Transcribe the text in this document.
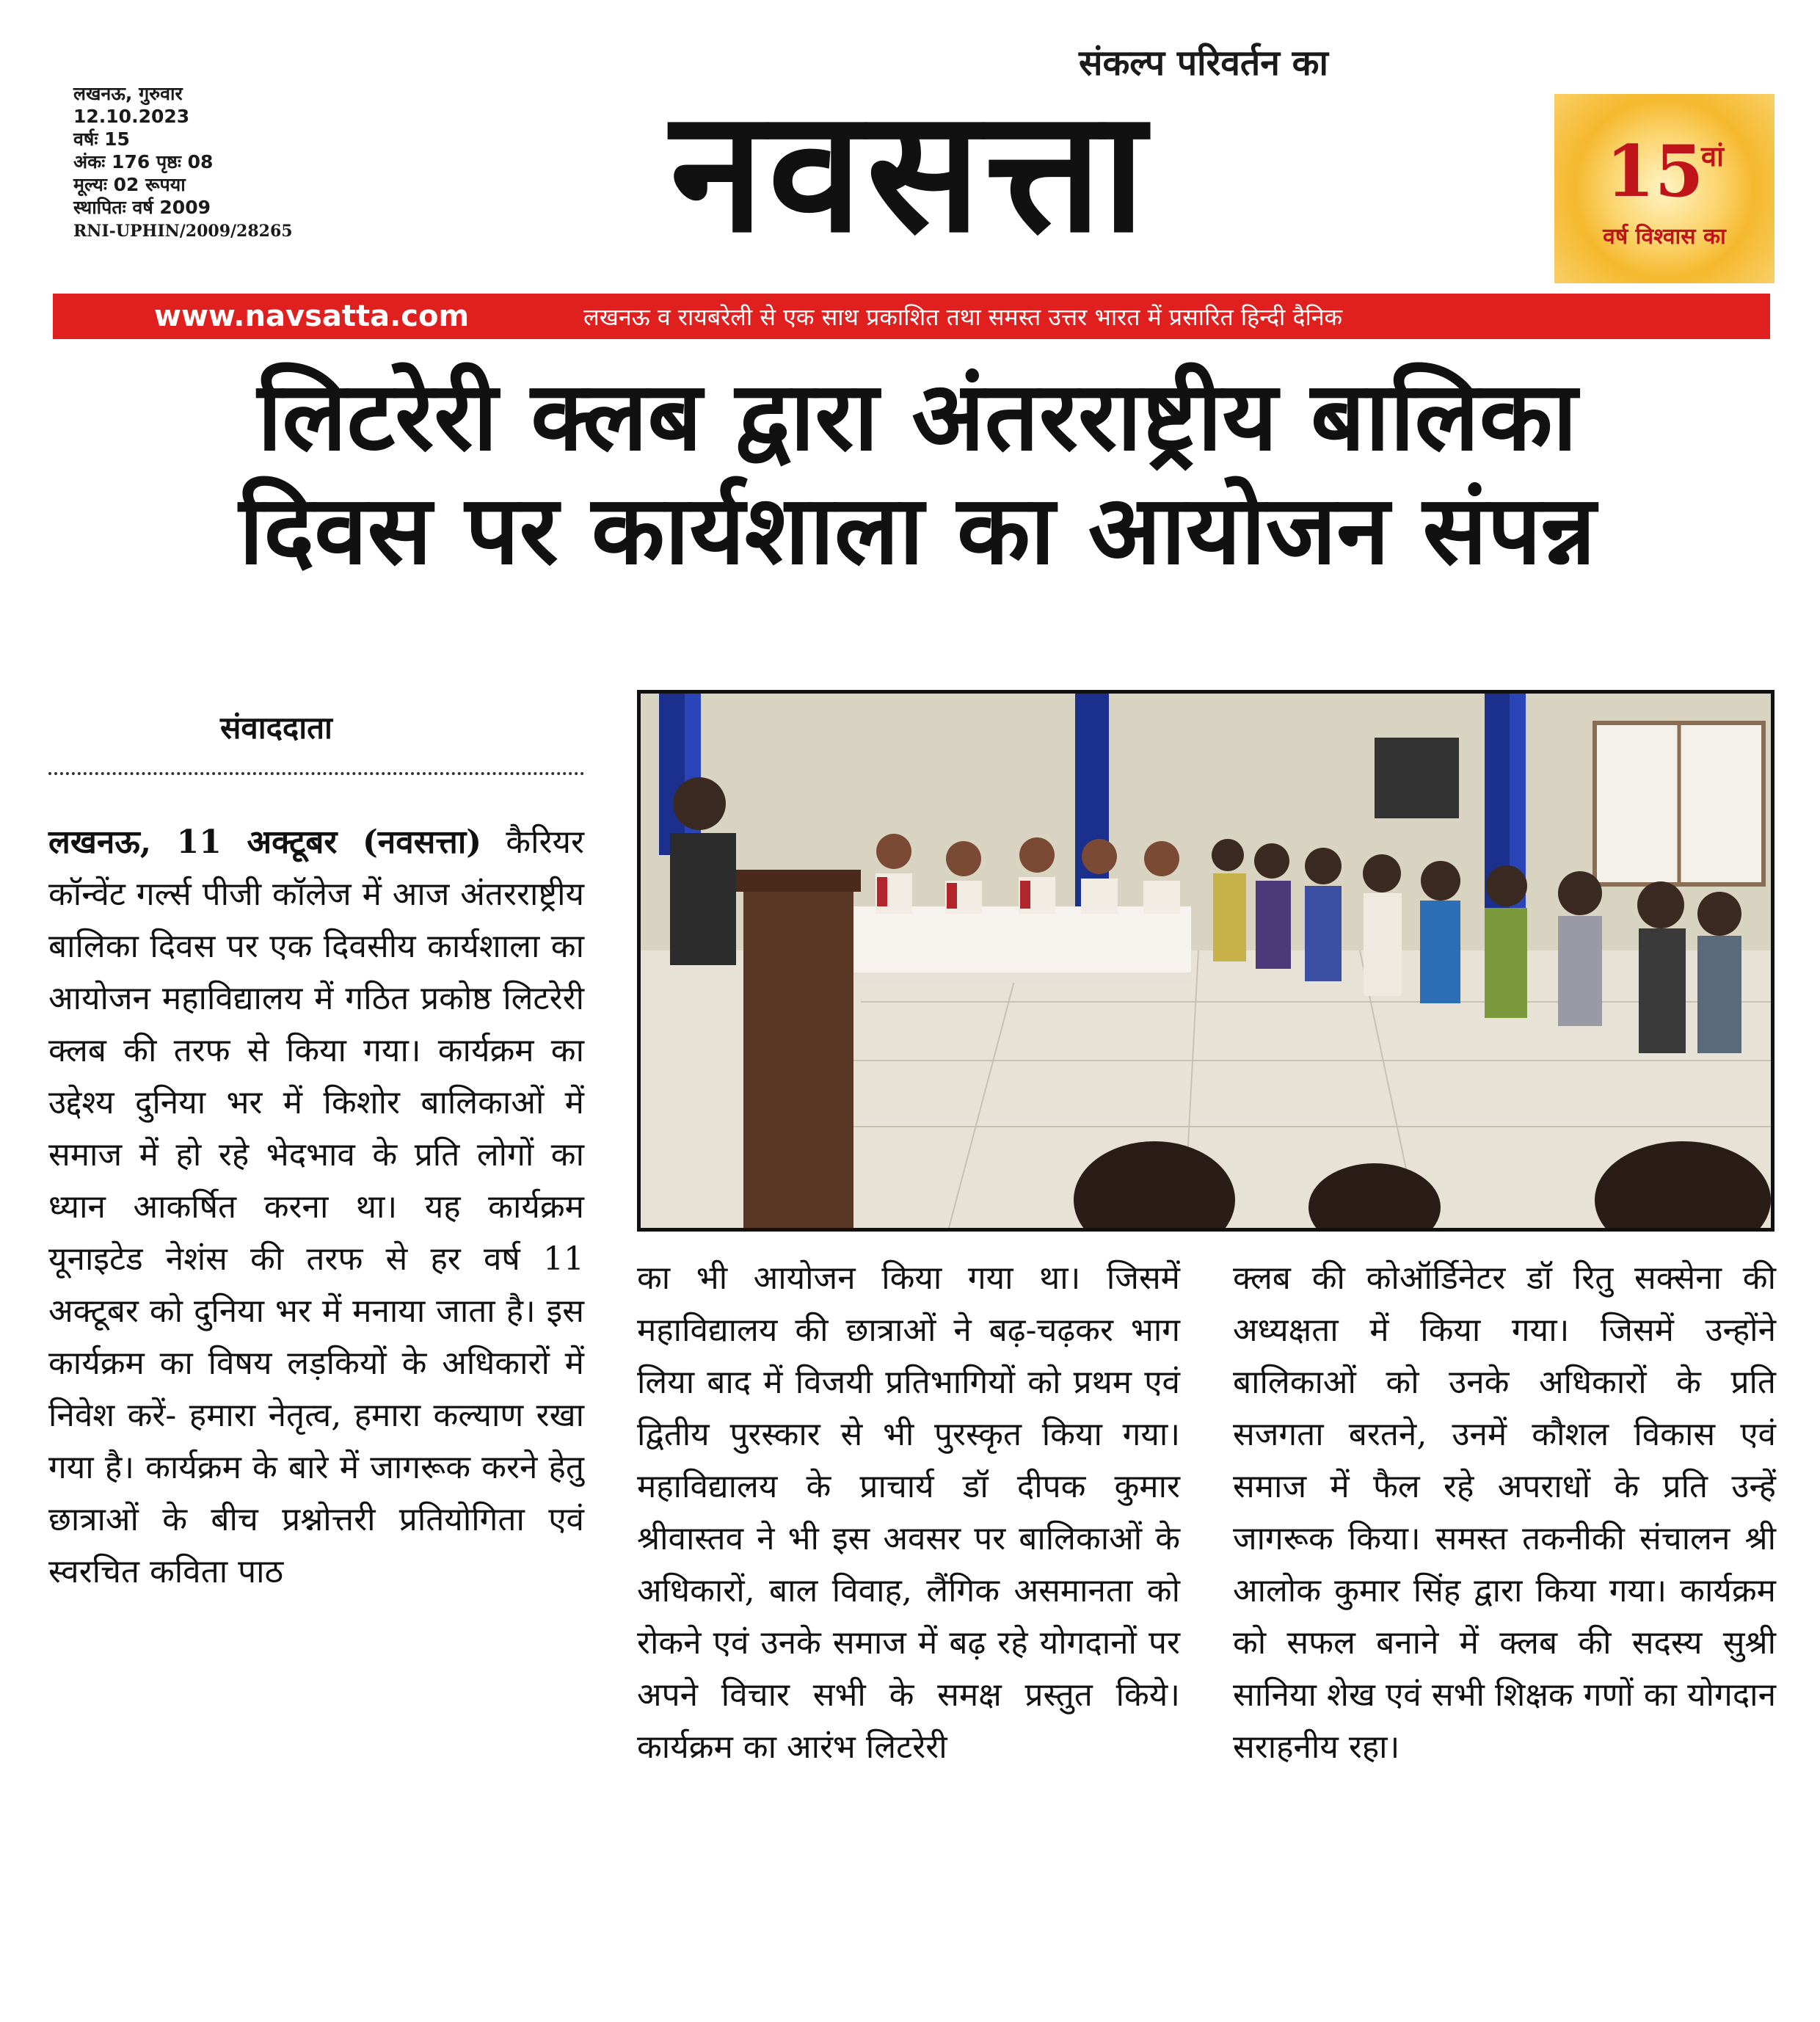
लखनऊ, गुरुवार
12.10.2023
वर्षः 15
अंकः 176 पृष्ठः 08
मूल्यः 02 रूपया
स्थापितः वर्ष 2009
RNI-UPHIN/2009/28265
संकल्प परिवर्तन का
नवसत्ता	15
वां
वर्ष विश्वास का
www.navsatta.com	लखनऊ व रायबरेली से एक साथ प्रकाशित तथा समस्त उत्तर भारत में प्रसारित हिन्दी दैनिक
लिटरेरी क्लब द्वारा अंतरराष्ट्रीय बालिका
दिवस पर कार्यशाला का आयोजन संपन्न
संवाददाता
लखनऊ, 11 अक्टूबर (नवसत्ता) कैरियर कॉन्वेंट गर्ल्स पीजी कॉलेज में आज अंतरराष्ट्रीय बालिका दिवस पर एक दिवसीय कार्यशाला का आयोजन महाविद्यालय में गठित प्रकोष्ठ लिटरेरी क्लब की तरफ से किया गया। कार्यक्रम का उद्देश्य दुनिया भर में किशोर बालिकाओं में समाज में हो रहे भेदभाव के प्रति लोगों का ध्यान आकर्षित करना था। यह कार्यक्रम यूनाइटेड नेशंस की तरफ से हर वर्ष 11 अक्टूबर को दुनिया भर में मनाया जाता है। इस कार्यक्रम का विषय लड़कियों के अधिकारों में निवेश करें- हमारा नेतृत्व, हमारा कल्याण रखा गया है। कार्यक्रम के बारे में जागरूक करने हेतु छात्राओं के बीच प्रश्नोत्तरी प्रतियोगिता एवं स्वरचित कविता पाठ
का भी आयोजन किया गया था। जिसमें महाविद्यालय की छात्राओं ने बढ़-चढ़कर भाग लिया बाद में विजयी प्रतिभागियों को प्रथम एवं द्वितीय पुरस्कार से भी पुरस्कृत किया गया। महाविद्यालय के प्राचार्य डॉ दीपक कुमार श्रीवास्तव ने भी इस अवसर पर बालिकाओं के अधिकारों, बाल विवाह, लैंगिक असमानता को रोकने एवं उनके समाज में बढ़ रहे योगदानों पर अपने विचार सभी के समक्ष प्रस्तुत किये। कार्यक्रम का आरंभ लिटरेरी
क्लब की कोऑर्डिनेटर डॉ रितु सक्सेना की अध्यक्षता में किया गया। जिसमें उन्होंने बालिकाओं को उनके अधिकारों के प्रति सजगता बरतने, उनमें कौशल विकास एवं समाज में फैल रहे अपराधों के प्रति उन्हें जागरूक किया। समस्त तकनीकी संचालन श्री आलोक कुमार सिंह द्वारा किया गया। कार्यक्रम को सफल बनाने में क्लब की सदस्य सुश्री सानिया शेख एवं सभी शिक्षक गणों का योगदान सराहनीय रहा।
